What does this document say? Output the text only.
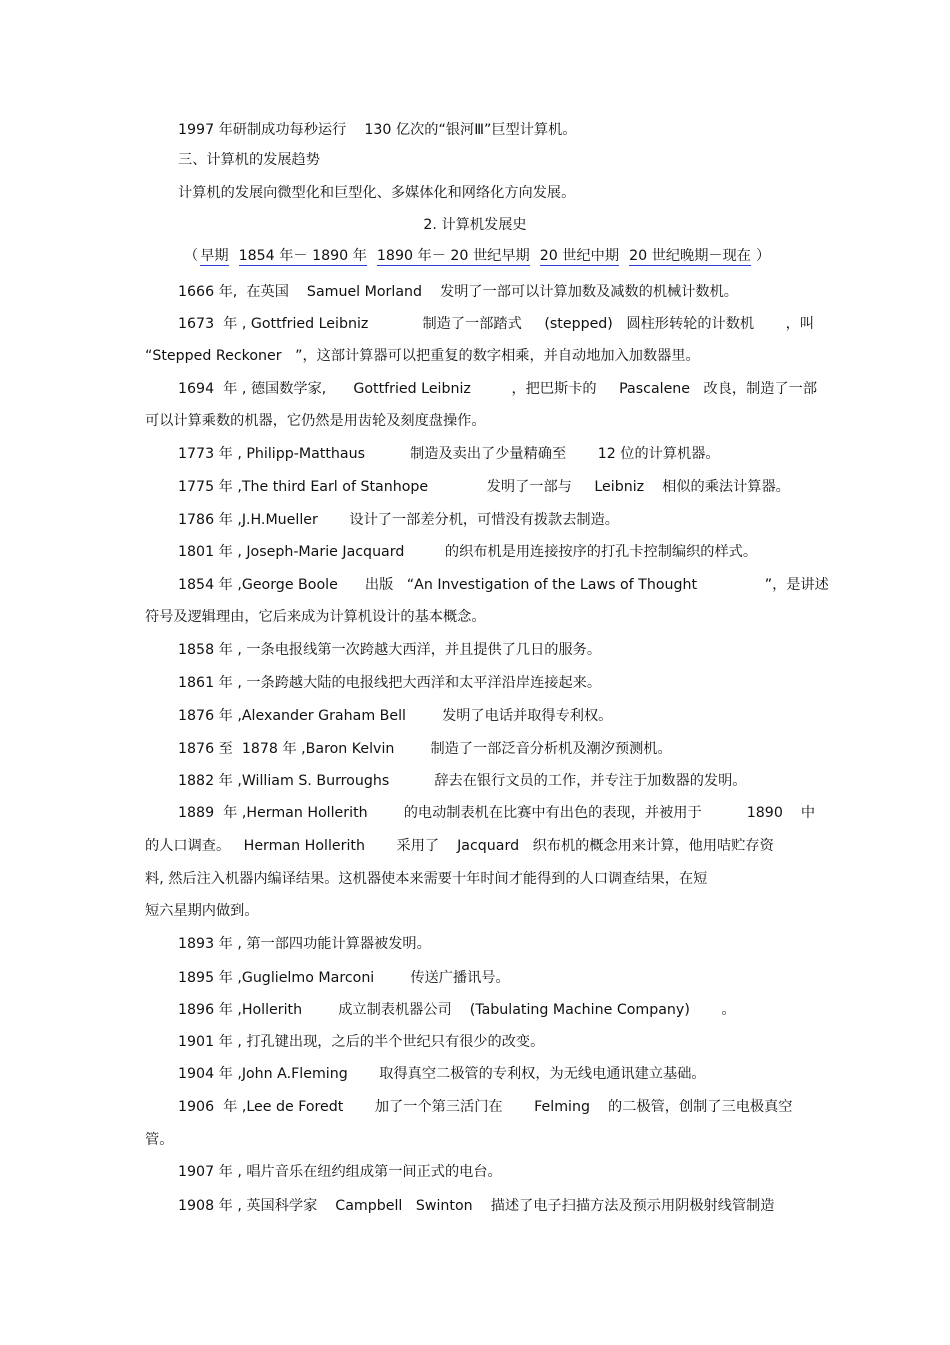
1997 年研制成功每秒运行    130 亿次的“银河Ⅲ”巨型计算机。
三、计算机的发展趋势
计算机的发展向微型化和巨型化、多媒体化和网络化方向发展。
2. 计算机发展史
（ 早期 1854 年－ 1890 年 1890 年－ 20 世纪早期 20 世纪中期 20 世纪晚期－现在 ）
1666 年,  在英国    Samuel Morland    发明了一部可以计算加数及减数的机械计数机。
1673  年 , Gottfried Leibniz            制造了一部踏式     (stepped)   圆柱形转轮的计数机       ，叫
“Stepped Reckoner   ”，这部计算器可以把重复的数字相乘，并自动地加入加数器里。
1694  年 , 德国数学家,      Gottfried Leibniz         ，把巴斯卡的     Pascalene   改良，制造了一部
可以计算乘数的机器，它仍然是用齿轮及刻度盘操作。
1773 年 , Philipp-Matthaus          制造及卖出了少量精确至       12 位的计算机器。
1775 年 ,The third Earl of Stanhope             发明了一部与     Leibniz    相似的乘法计算器。
1786 年 ,J.H.Mueller       设计了一部差分机，可惜没有拨款去制造。
1801 年 , Joseph-Marie Jacquard         的织布机是用连接按序的打孔卡控制编织的样式。
1854 年 ,George Boole      出版   “An Investigation of the Laws of Thought               ”，是讲述
符号及逻辑理由，它后来成为计算机设计的基本概念。
1858 年 , 一条电报线第一次跨越大西洋，并且提供了几日的服务。
1861 年 , 一条跨越大陆的电报线把大西洋和太平洋沿岸连接起来。
1876 年 ,Alexander Graham Bell        发明了电话并取得专利权。
1876 至  1878 年 ,Baron Kelvin        制造了一部泛音分析机及潮汐预测机。
1882 年 ,William S. Burroughs          辞去在银行文员的工作，并专注于加数器的发明。
1889  年 ,Herman Hollerith        的电动制表机在比赛中有出色的表现，并被用于          1890    中
的人口调查。   Herman Hollerith       采用了    Jacquard   织布机的概念用来计算，他用咭贮存资
料, 然后注入机器内编译结果。这机器使本来需要十年时间才能得到的人口调查结果，在短
短六星期内做到。
1893 年 , 第一部四功能计算器被发明。
1895 年 ,Guglielmo Marconi        传送广播讯号。
1896 年 ,Hollerith        成立制表机器公司    (Tabulating Machine Company)       。
1901 年 , 打孔键出现，之后的半个世纪只有很少的改变。
1904 年 ,John A.Fleming       取得真空二极管的专利权，为无线电通讯建立基础。
1906  年 ,Lee de Foredt       加了一个第三活门在       Felming    的二极管，创制了三电极真空
管。
1907 年 , 唱片音乐在纽约组成第一间正式的电台。
1908 年 , 英国科学家    Campbell   Swinton    描述了电子扫描方法及预示用阴极射线管制造
